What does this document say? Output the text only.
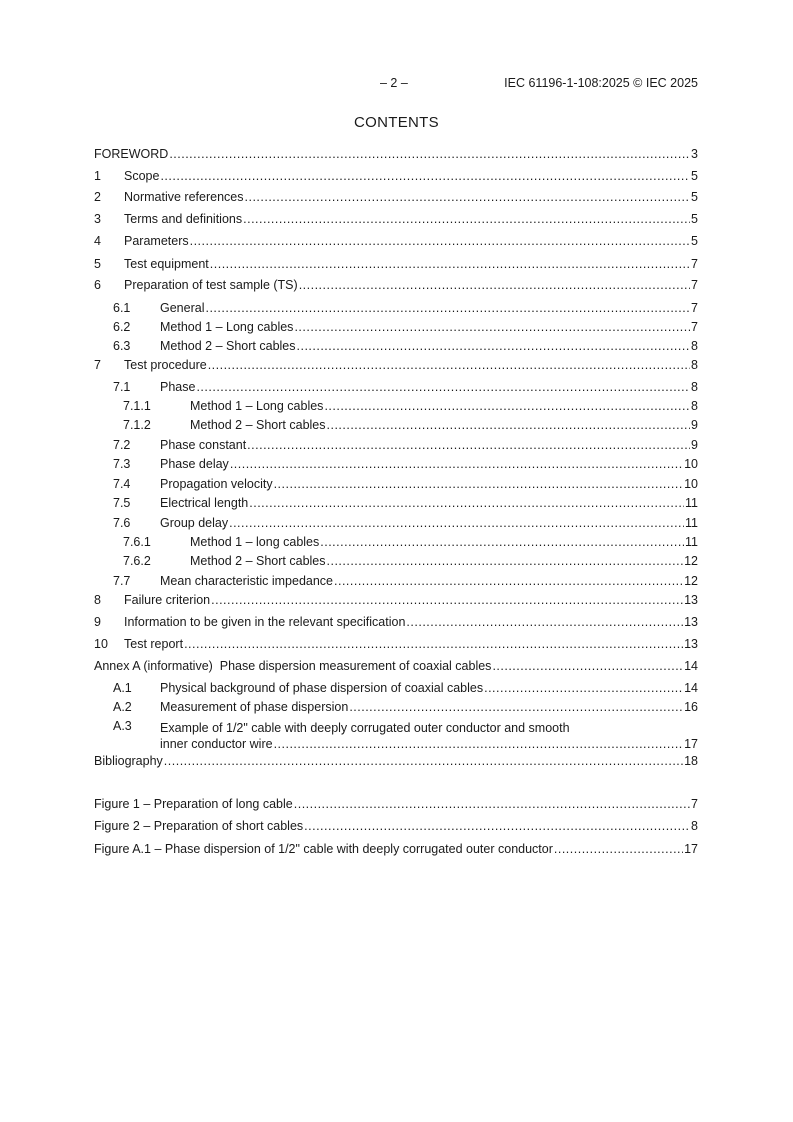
– 2 –	IEC 61196-1-108:2025 © IEC 2025
CONTENTS
FOREWORD .....	3
1	Scope .....	5
2	Normative references .....	5
3	Terms and definitions .....	5
4	Parameters .....	5
5	Test equipment .....	7
6	Preparation of test sample (TS) .....	7
6.1	General .....	7
6.2	Method 1 – Long cables .....	7
6.3	Method 2 – Short cables .....	8
7	Test procedure .....	8
7.1	Phase .....	8
7.1.1	Method 1 – Long cables .....	8
7.1.2	Method 2 – Short cables .....	9
7.2	Phase constant .....	9
7.3	Phase delay .....	10
7.4	Propagation velocity .....	10
7.5	Electrical length .....	11
7.6	Group delay .....	11
7.6.1	Method 1 – long cables .....	11
7.6.2	Method 2 – Short cables .....	12
7.7	Mean characteristic impedance .....	12
8	Failure criterion .....	13
9	Information to be given in the relevant specification .....	13
10	Test report .....	13
Annex A (informative)  Phase dispersion measurement of coaxial cables .....	14
A.1	Physical background of phase dispersion of coaxial cables .....	14
A.2	Measurement of phase dispersion .....	16
A.3	Example of 1/2" cable with deeply corrugated outer conductor and smooth
inner conductor wire .....	17
Bibliography .....	18
Figure 1 – Preparation of long cable .....	7
Figure 2 – Preparation of short cables .....	8
Figure A.1 – Phase dispersion of 1/2" cable with deeply corrugated outer conductor .....	17
